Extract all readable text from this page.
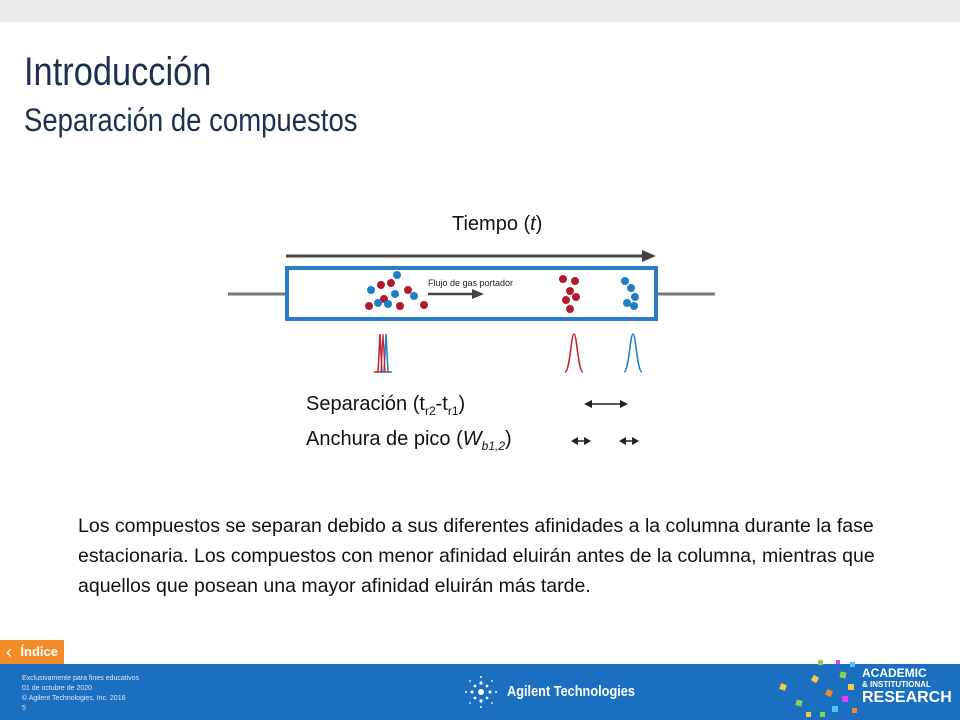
Introducción
Separación de compuestos
Tiempo (t)
Flujo de gas portador
Separación $(t_{r2}-t_{r1})$
Anchura de pico $(W_{b1,2})$
Los compuestos se separan debido a sus diferentes afinidades a la columna durante la fase estacionaria. Los compuestos con menor afinidad eluirán antes de la columna, mientras que aquellos que posean una mayor afinidad eluirán más tarde.
‹ Índice
Exclusivamente para fines educativos
01 de octubre de 2020
© Agilent Technologies, Inc. 2016
5
Agilent Technologies
ACADEMIC
& INSTITUTIONAL
RESEARCH
